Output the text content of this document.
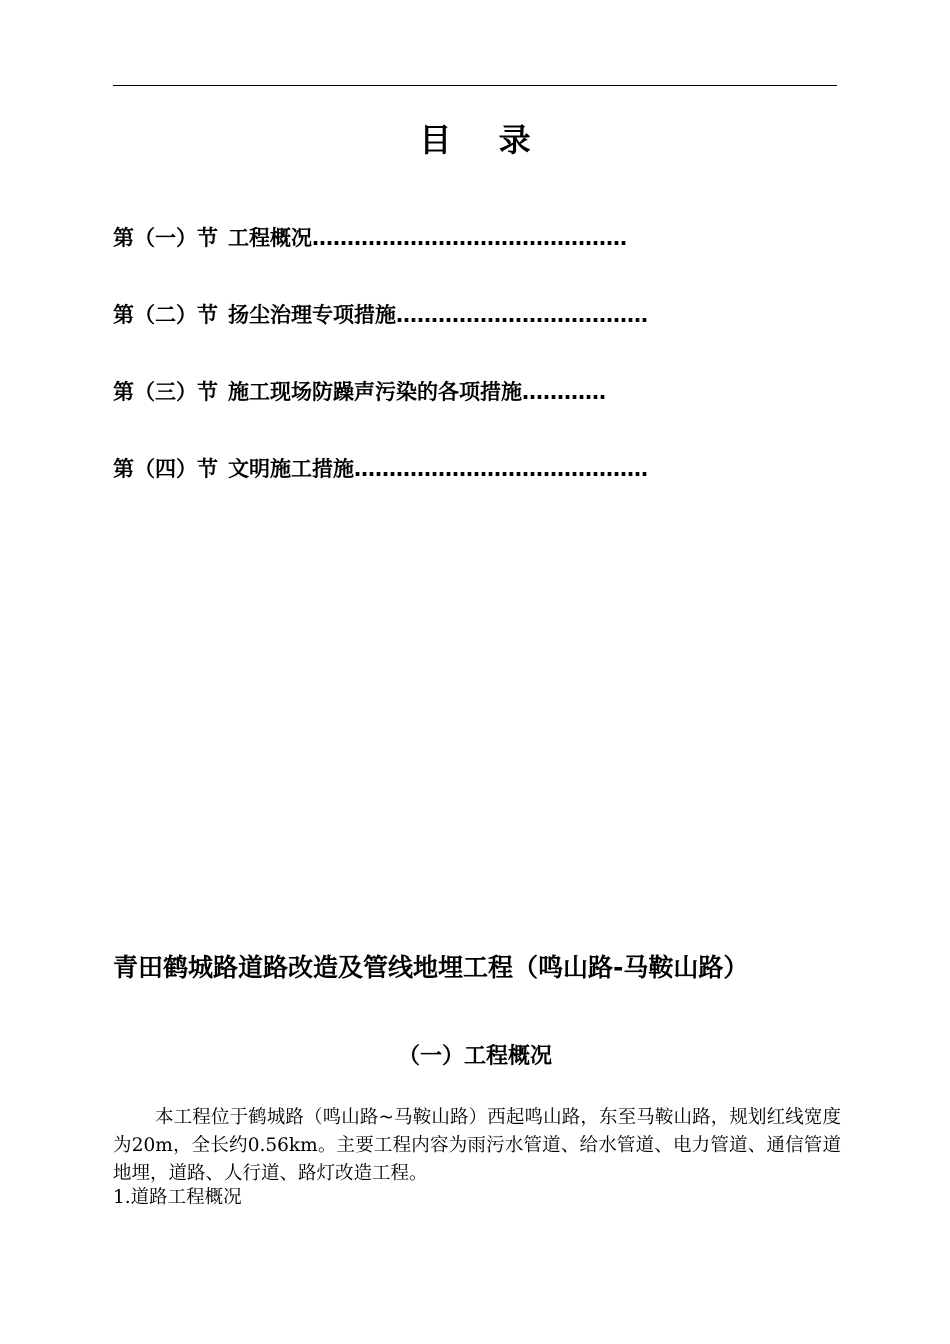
目 录
第（一）节 工程概况………………………………………
第（二）节 扬尘治理专项措施………………………………
第（三）节 施工现场防躁声污染的各项措施…………
第（四）节 文明施工措施……………………………………
青田鹤城路道路改造及管线地埋工程（鸣山路-马鞍山路）
（一）工程概况

本工程位于鹤城路（鸣山路~马鞍山路）西起鸣山路，东至马鞍山路，规划红线宽度为20m，全长约0.56km。主要工程内容为雨污水管道、给水管道、电力管道、通信管道地埋，道路、人行道、路灯改造工程。

1.道路工程概况
